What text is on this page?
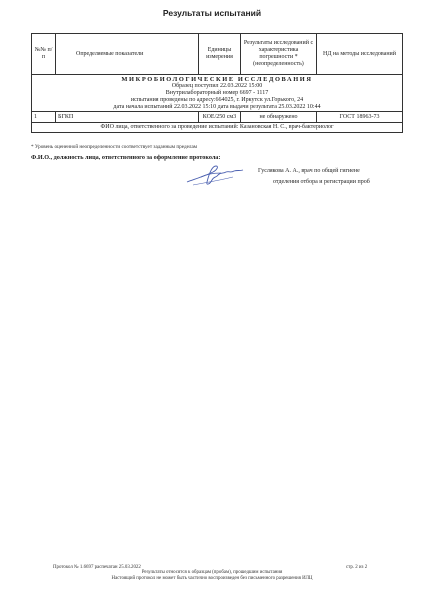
Результаты испытаний
№№ п/п	Определяемые показатели	Единицы измерения	Результаты исследований с характеристика погрешности *(неопределенность)	НД на методы исследований

МИКРОБИОЛОГИЧЕСКИЕ ИССЛЕДОВАНИЯ
Образец поступил 22.03.2022 15:00
Внутрилабораторный номер 6697 - 1117
испытания проведены по адресу:664025, г. Иркутск ул.Горького, 24
дата начала испытаний 22.03.2022 15:10 дата выдачи результата 25.03.2022 10:44				

1	БГКП	КОЕ/250 см3	не обнаружено	ГОСТ 18963-73
ФИО лица, ответственного за проведение испытаний: Казановская Н. С., врач-бактериолог				
* Уровень оцененной неопределенности соответствует заданным пределам
Ф.И.О., должность лица, ответственного за оформление протокола:
Гуслякова А. А., врач по общей гигиене
отделения отбора и регистрации проб
Протокол № 1.6697 распечатан 25.03.2022	стр. 2 из 2
Результаты относятся к образцам (пробам), прошедшим испытания
Настоящий протокол не может быть частично воспроизведен без письменного разрешения ИЛЦ
